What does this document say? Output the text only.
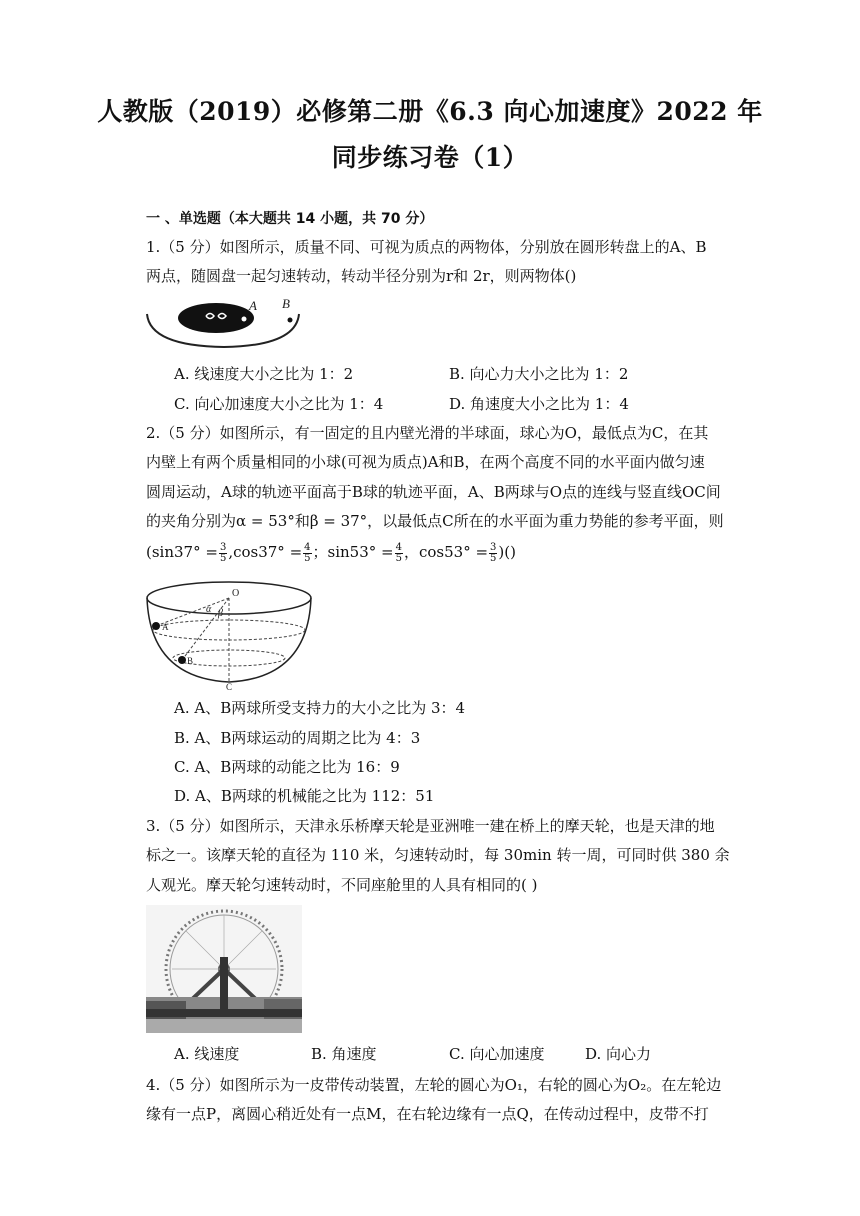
人教版（2019）必修第二册《6.3 向心加速度》2022 年
同步练习卷（1）
一 、单选题（本大题共 14 小题，共 70 分）
1.（5 分）如图所示，质量不同、可视为质点的两物体，分别放在圆形转盘上的A、B
两点，随圆盘一起匀速转动，转动半径分别为r和 2r，则两物体()
A B
A. 线速度大小之比为 1：2	B. 向心力大小之比为 1：2
C. 向心加速度大小之比为 1：4	D. 角速度大小之比为 1：4
2.（5 分）如图所示，有一固定的且内壁光滑的半球面，球心为O，最低点为C，在其
内壁上有两个质量相同的小球(可视为质点)A和B，在两个高度不同的水平面内做匀速
圆周运动，A球的轨迹平面高于B球的轨迹平面，A、B两球与O点的连线与竖直线OC间
的夹角分别为α = 53°和β = 37°，以最低点C所在的水平面为重力势能的参考平面，则
($\sin 37^\circ = \frac{3}{5} ,\cos 37^\circ = \frac{4}{5}$ ；$\sin 53^\circ = \frac{4}{5}$ ，$\cos 53^\circ = \frac{3}{5}$ )()
O
α β
A
B
C
A. A、B两球所受支持力的大小之比为 3：4
B. A、B两球运动的周期之比为 4：3
C. A、B两球的动能之比为 16：9
D. A、B两球的机械能之比为 112：51
3.（5 分）如图所示，天津永乐桥摩天轮是亚洲唯一建在桥上的摩天轮，也是天津的地
标之一。该摩天轮的直径为 110 米，匀速转动时，每 30min 转一周，可同时供 380 余
人观光。摩天轮匀速转动时，不同座舱里的人具有相同的( )
A. 线速度	B. 角速度	C. 向心加速度	D. 向心力
4.（5 分）如图所示为一皮带传动装置，左轮的圆心为O₁，右轮的圆心为O₂。在左轮边
缘有一点P，离圆心稍近处有一点M，在右轮边缘有一点Q，在传动过程中，皮带不打
